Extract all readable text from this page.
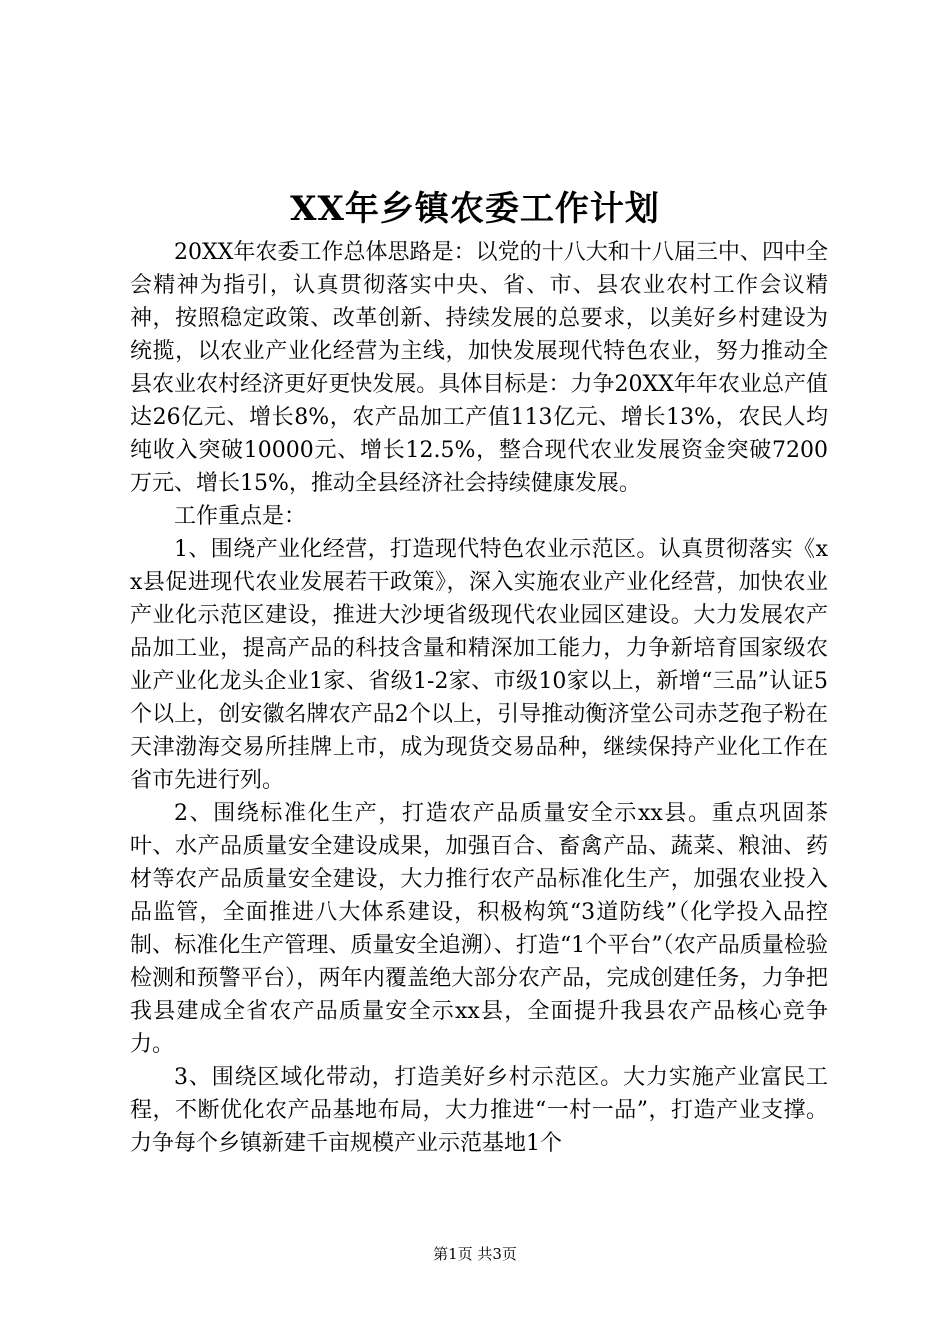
XX年乡镇农委工作计划

20XX年农委工作总体思路是：以党的十八大和十八届三中、四中全会精神为指引，认真贯彻落实中央、省、市、县农业农村工作会议精神，按照稳定政策、改革创新、持续发展的总要求，以美好乡村建设为统揽，以农业产业化经营为主线，加快发展现代特色农业，努力推动全县农业农村经济更好更快发展。具体目标是：力争20XX年年农业总产值达26亿元、增长8%，农产品加工产值113亿元、增长13%，农民人均纯收入突破10000元、增长12.5%，整合现代农业发展资金突破7200万元、增长15%，推动全县经济社会持续健康发展。

工作重点是：

1、围绕产业化经营，打造现代特色农业示范区。认真贯彻落实《xx县促进现代农业发展若干政策》，深入实施农业产业化经营，加快农业产业化示范区建设，推进大沙埂省级现代农业园区建设。大力发展农产品加工业，提高产品的科技含量和精深加工能力，力争新培育国家级农业产业化龙头企业1家、省级1-2家、市级10家以上，新增“三品”认证5个以上，创安徽名牌农产品2个以上，引导推动衡济堂公司赤芝孢子粉在天津渤海交易所挂牌上市，成为现货交易品种，继续保持产业化工作在省市先进行列。

2、围绕标准化生产，打造农产品质量安全示xx县。重点巩固茶叶、水产品质量安全建设成果，加强百合、畜禽产品、蔬菜、粮油、药材等农产品质量安全建设，大力推行农产品标准化生产，加强农业投入品监管，全面推进八大体系建设，积极构筑“3道防线”（化学投入品控制、标准化生产管理、质量安全追溯）、打造“1个平台”（农产品质量检验检测和预警平台），两年内覆盖绝大部分农产品，完成创建任务，力争把我县建成全省农产品质量安全示xx县，全面提升我县农产品核心竞争力。

3、围绕区域化带动，打造美好乡村示范区。大力实施产业富民工程，不断优化农产品基地布局，大力推进“一村一品”，打造产业支撑。力争每个乡镇新建千亩规模产业示范基地1个

第1页 共3页
